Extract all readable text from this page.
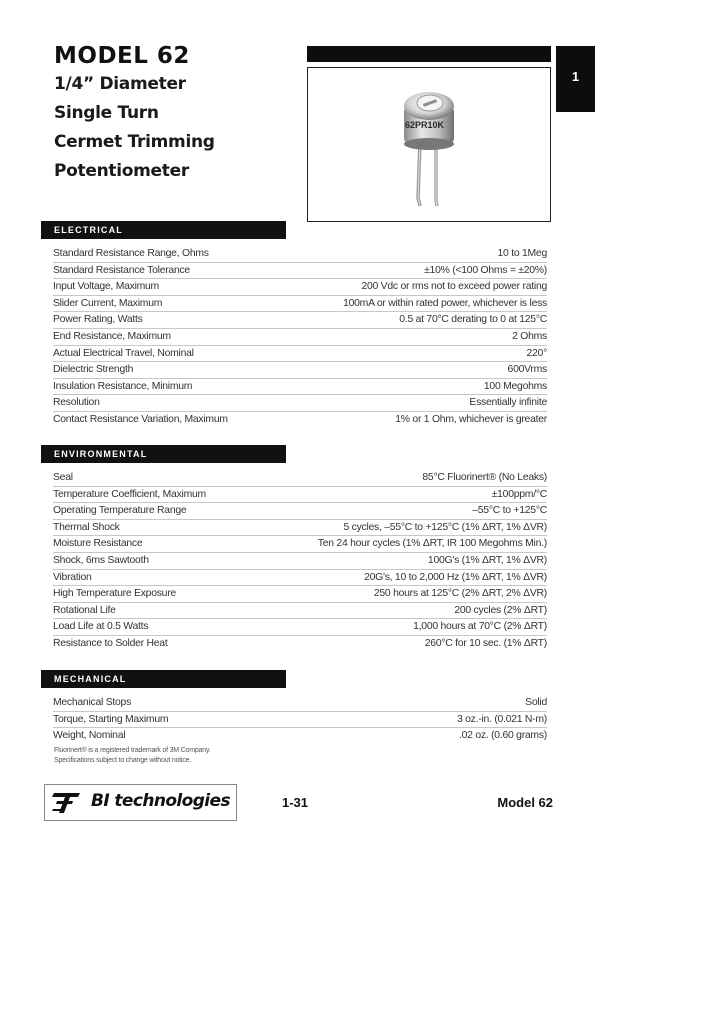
MODEL 62
1/4” Diameter
Single Turn
Cermet Trimming
Potentiometer
62PR10K
1
ELECTRICAL
Standard Resistance Range, Ohms	10 to 1Meg
Standard Resistance Tolerance	±10% (<100 Ohms = ±20%)
Input Voltage, Maximum	200 Vdc or rms not to exceed power rating
Slider Current, Maximum	100mA or within rated power, whichever is less
Power Rating, Watts	0.5 at 70°C derating to 0 at 125°C
End Resistance, Maximum	2 Ohms
Actual Electrical Travel, Nominal	220°
Dielectric Strength	600Vrms
Insulation Resistance, Minimum	100 Megohms
Resolution	Essentially infinite
Contact Resistance Variation, Maximum	1% or 1 Ohm, whichever is greater
ENVIRONMENTAL
Seal	85°C Fluorinert® (No Leaks)
Temperature Coefficient, Maximum	±100ppm/°C
Operating Temperature Range	–55°C to +125°C
Thermal Shock	5 cycles, –55°C to +125°C (1% ΔRT, 1% ΔVR)
Moisture Resistance	Ten 24 hour cycles (1% ΔRT, IR 100 Megohms Min.)
Shock, 6ms Sawtooth	100G's (1% ΔRT, 1% ΔVR)
Vibration	20G's, 10 to 2,000 Hz (1% ΔRT, 1% ΔVR)
High Temperature Exposure	250 hours at 125°C (2% ΔRT, 2% ΔVR)
Rotational Life	200 cycles (2% ΔRT)
Load Life at 0.5 Watts	1,000 hours at 70°C (2% ΔRT)
Resistance to Solder Heat	260°C for 10 sec. (1% ΔRT)
MECHANICAL
Mechanical Stops	Solid
Torque, Starting Maximum	3 oz.-in. (0.021 N-m)
Weight, Nominal	.02 oz. (0.60 grams)
Fluorinert® is a registered trademark of 3M Company.
Specifications subject to change without notice.
BI technologies	1-31	Model 62
